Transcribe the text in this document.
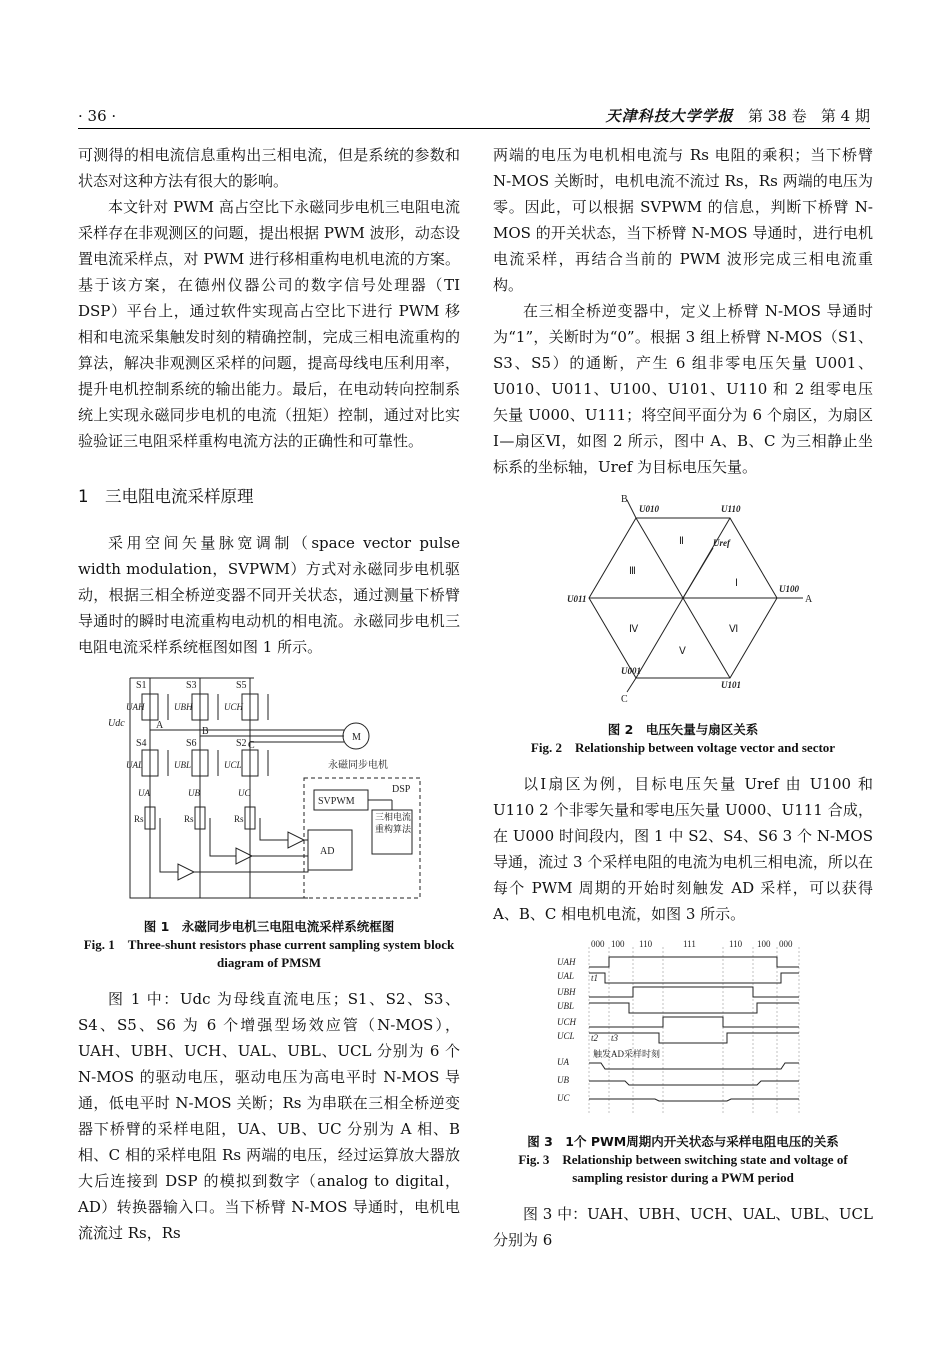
· 36 ·	天津科技大学学报 第 38 卷 第 4 期

可测得的相电流信息重构出三相电流，但是系统的参数和状态对这种方法有很大的影响。

本文针对 PWM 高占空比下永磁同步电机三电阻电流采样存在非观测区的问题，提出根据 PWM 波形，动态设置电流采样点，对 PWM 进行移相重构电机电流的方案。基于该方案，在德州仪器公司的数字信号处理器（TI DSP）平台上，通过软件实现高占空比下进行 PWM 移相和电流采集触发时刻的精确控制，完成三相电流重构的算法，解决非观测区采样的问题，提高母线电压利用率，提升电机控制系统的输出能力。最后，在电动转向控制系统上实现永磁同步电机的电流（扭矩）控制，通过对比实验验证三电阻采样重构电流方法的正确性和可靠性。

1　三电阻电流采样原理

采用空间矢量脉宽调制（space vector pulse width modulation，SVPWM）方式对永磁同步电机驱动，根据三相全桥逆变器不同开关状态，通过测量下桥臂导通时的瞬时电流重构电动机的相电流。永磁同步电机三电阻电流采样系统框图如图 1 所示。

S1	S3	S5
S4	S6	S2
UAH	UBH	UCH
UAL	UBL	UCL
Udc	A
B
C
M
永磁同步电机
UA	UB	UC
Rs	Rs	Rs
DSP
SVPWM
AD
三相电流重构算法

图 1　永磁同步电机三电阻电流采样系统框图
Fig. 1　Three-shunt resistors phase current sampling system block diagram of PMSM

图 1 中：Udc 为母线直流电压；S1、S2、S3、S4、S5、S6 为 6 个增强型场效应管（N-MOS），UAH、UBH、UCH、UAL、UBL、UCL 分别为 6 个 N-MOS 的驱动电压，驱动电压为高电平时 N-MOS 导通，低电平时 N-MOS 关断；Rs 为串联在三相全桥逆变器下桥臂的采样电阻，UA、UB、UC 分别为 A 相、B 相、C 相的采样电阻 Rs 两端的电压，经过运算放大器放大后连接到 DSP 的模拟到数字（analog to digital，AD）转换器输入口。当下桥臂 N-MOS 导通时，电机电流流过 Rs，Rs

两端的电压为电机相电流与 Rs 电阻的乘积；当下桥臂 N-MOS 关断时，电机电流不流过 Rs，Rs 两端的电压为零。因此，可以根据 SVPWM 的信息，判断下桥臂 N-MOS 的开关状态，当下桥臂 N-MOS 导通时，进行电机电流采样，再结合当前的 PWM 波形完成三相电流重构。

在三相全桥逆变器中，定义上桥臂 N-MOS 导通时为“1”，关断时为“0”。根据 3 组上桥臂 N-MOS（S1、S3、S5）的通断，产生 6 组非零电压矢量 U001、U010、U011、U100、U101、U110 和 2 组零电压矢量 U000、U111；将空间平面分为 6 个扇区，为扇区Ⅰ—扇区Ⅵ，如图 2 所示，图中 A、B、C 为三相静止坐标系的坐标轴，Uref 为目标电压矢量。

B
A
C
U100
U110
U010
U011
U001
U101
Uref
Ⅰ
Ⅱ
Ⅲ
Ⅳ
Ⅴ
Ⅵ

图 2　电压矢量与扇区关系
Fig. 2　Relationship between voltage vector and sector

以Ⅰ扇区为例，目标电压矢量 Uref 由 U100 和 U110 2 个非零矢量和零电压矢量 U000、U111 合成，在 U000 时间段内，图 1 中 S2、S4、S6 3 个 N-MOS 导通，流过 3 个采样电阻的电流为电机三相电流，所以在每个 PWM 周期的开始时刻触发 AD 采样，可以获得 A、B、C 相电机电流，如图 3 所示。

000 100 110	111	110 100 000
UAH
UAL
UBH
UBL
UCH
UCL
UA
UB
UC
t1
t2 t3
触发AD采样时刻

图 3　1个 PWM周期内开关状态与采样电阻电压的关系
Fig. 3　Relationship between switching state and voltage of sampling resistor during a PWM period

图 3 中：UAH、UBH、UCH、UAL、UBL、UCL 分别为 6
